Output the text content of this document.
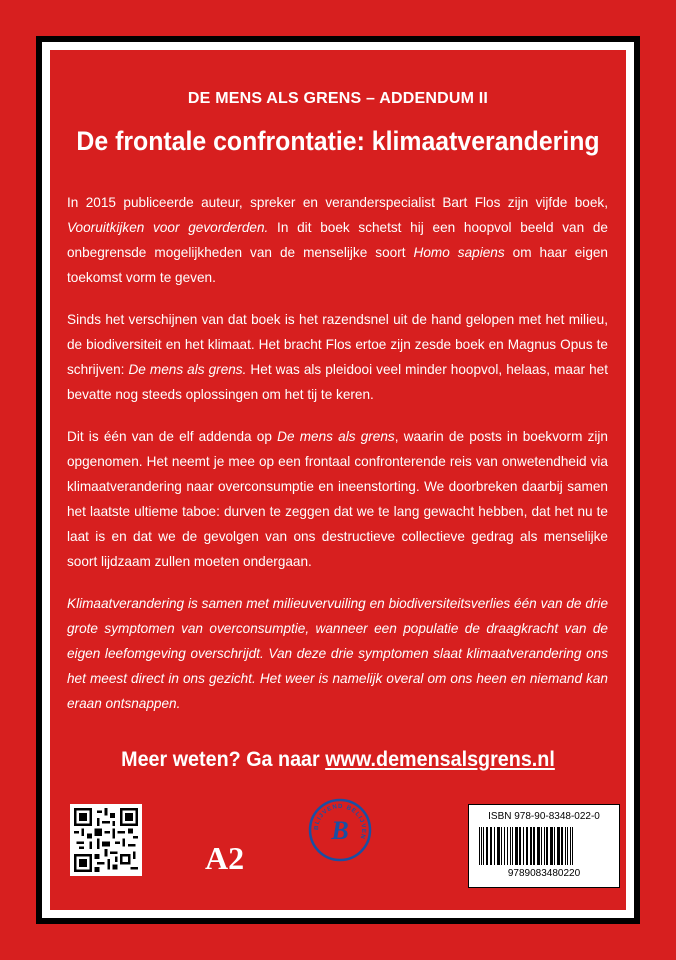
DE MENS ALS GRENS – ADDENDUM II
De frontale confrontatie: klimaatverandering

In 2015 publiceerde auteur, spreker en veranderspecialist Bart Flos zijn vijfde boek, Vooruitkijken voor gevorderden. In dit boek schetst hij een hoopvol beeld van de onbegrensde mogelijkheden van de menselijke soort Homo sapiens om haar eigen toekomst vorm te geven.

Sinds het verschijnen van dat boek is het razendsnel uit de hand gelopen met het milieu, de biodiversiteit en het klimaat. Het bracht Flos ertoe zijn zesde boek en Magnus Opus te schrijven: De mens als grens. Het was als pleidooi veel minder hoopvol, helaas, maar het bevatte nog steeds oplossingen om het tij te keren.

Dit is één van de elf addenda op De mens als grens, waarin de posts in boekvorm zijn opgenomen. Het neemt je mee op een frontaal confronterende reis van onwetendheid via klimaatverandering naar overconsumptie en ineenstorting. We doorbreken daarbij samen het laatste ultieme taboe: durven te zeggen dat we te lang gewacht hebben, dat het nu te laat is en dat we de gevolgen van ons destructieve collectieve gedrag als menselijke soort lijdzaam zullen moeten ondergaan.

Klimaatverandering is samen met milieuvervuiling en biodiversiteitsverlies één van de drie grote symptomen van overconsumptie, wanneer een populatie de draagkracht van de eigen leefomgeving overschrijdt. Van deze drie symptomen slaat klimaatverandering ons het meest direct in ons gezicht. Het weer is namelijk overal om ons heen en niemand kan eraan ontsnappen.

Meer weten? Ga naar www.demensalsgrens.nl
A2
BLIJVEND BELIJVEN
B	ISBN 978-90-8348-022-0
9789083480220
